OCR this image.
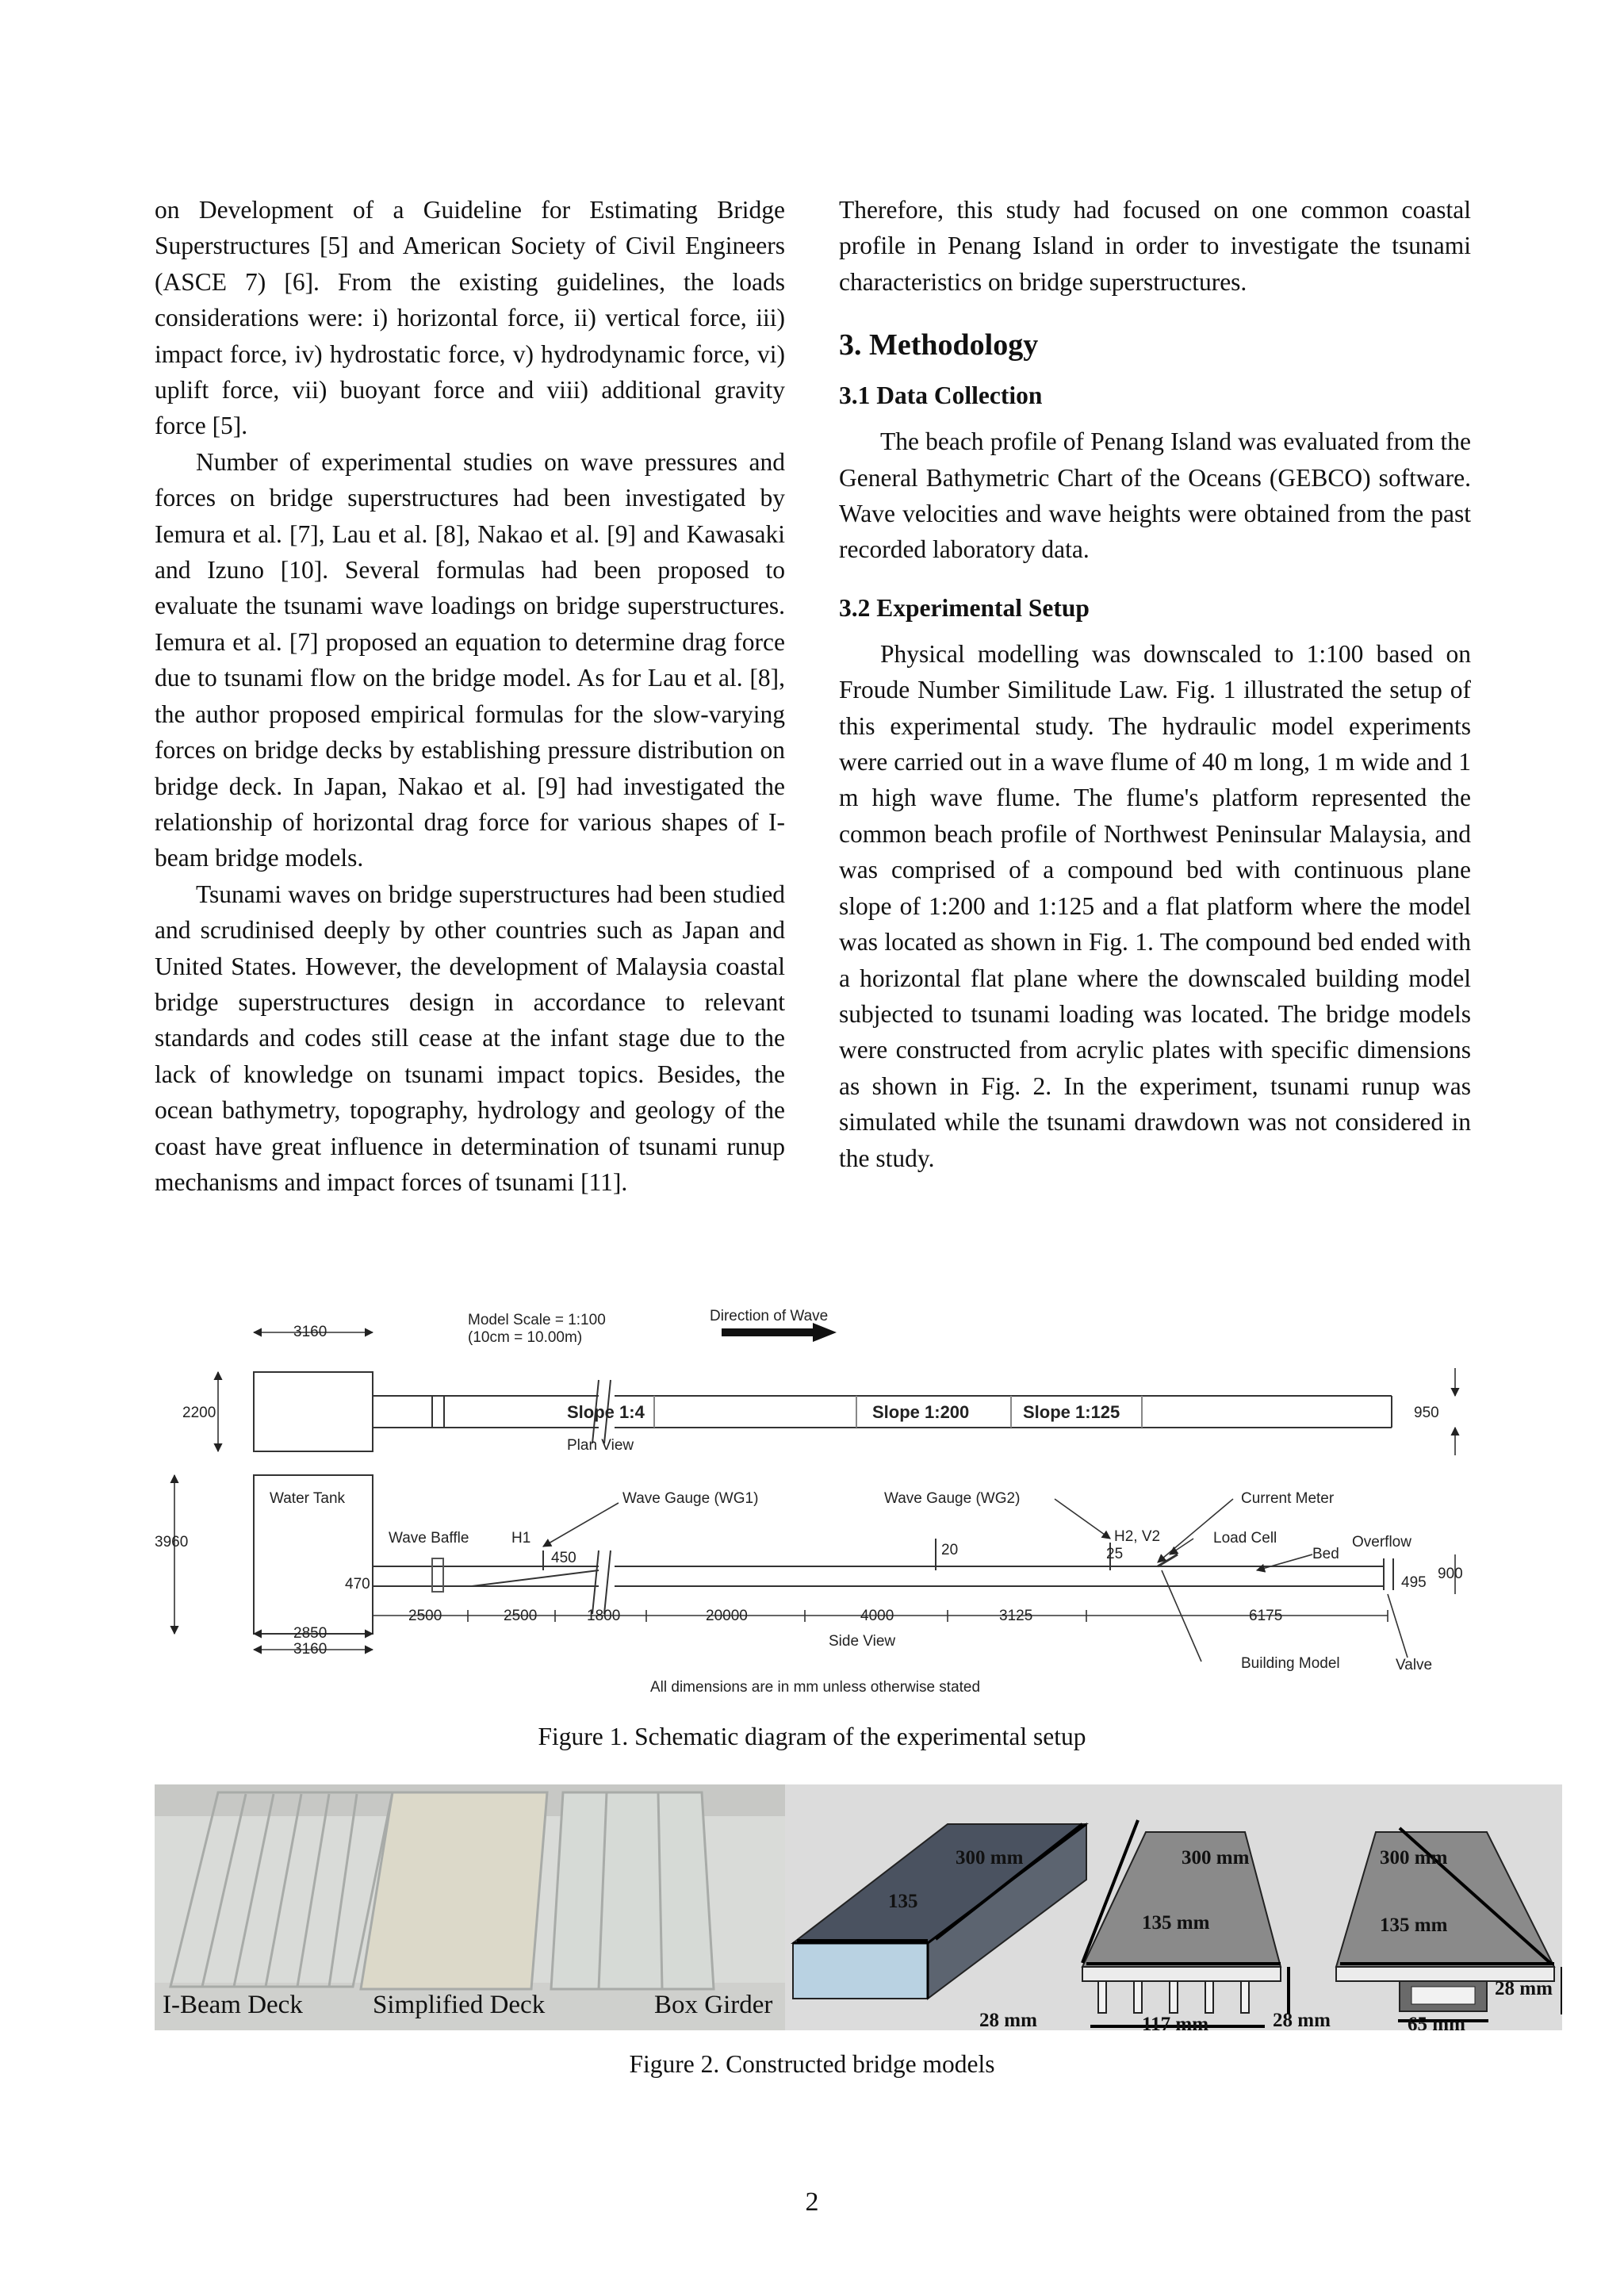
on Development of a Guideline for Estimating Bridge Superstructures [5] and American Society of Civil Engineers (ASCE 7) [6]. From the existing guidelines, the loads considerations were: i) horizontal force, ii) vertical force, iii) impact force, iv) hydrostatic force, v) hydrodynamic force, vi) uplift force, vii) buoyant force and viii) additional gravity force [5].

Number of experimental studies on wave pressures and forces on bridge superstructures had been investigated by Iemura et al. [7], Lau et al. [8], Nakao et al. [9] and Kawasaki and Izuno [10]. Several formulas had been proposed to evaluate the tsunami wave loadings on bridge superstructures. Iemura et al. [7] proposed an equation to determine drag force due to tsunami flow on the bridge model. As for Lau et al. [8], the author proposed empirical formulas for the slow-varying forces on bridge decks by establishing pressure distribution on bridge deck. In Japan, Nakao et al. [9] had investigated the relationship of horizontal drag force for various shapes of I-beam bridge models.

Tsunami waves on bridge superstructures had been studied and scrudinised deeply by other countries such as Japan and United States. However, the development of Malaysia coastal bridge superstructures design in accordance to relevant standards and codes still cease at the infant stage due to the lack of knowledge on tsunami impact topics. Besides, the ocean bathymetry, topography, hydrology and geology of the coast have great influence in determination of tsunami runup mechanisms and impact forces of tsunami [11].

Therefore, this study had focused on one common coastal profile in Penang Island in order to investigate the tsunami characteristics on bridge superstructures.

3. Methodology
3.1 Data Collection

The beach profile of Penang Island was evaluated from the General Bathymetric Chart of the Oceans (GEBCO) software. Wave velocities and wave heights were obtained from the past recorded laboratory data.

3.2 Experimental Setup

Physical modelling was downscaled to 1:100 based on Froude Number Similitude Law. Fig. 1 illustrated the setup of this experimental study. The hydraulic model experiments were carried out in a wave flume of 40 m long, 1 m wide and 1 m high wave flume. The flume's platform represented the common beach profile of Northwest Peninsular Malaysia, and was comprised of a compound bed with continuous plane slope of 1:200 and 1:125 and a flat platform where the model was located as shown in Fig. 1. The compound bed ended with a horizontal flat plane where the downscaled building model subjected to tsunami loading was located. The bridge models were constructed from acrylic plates with specific dimensions as shown in Fig. 2. In the experiment, tsunami runup was simulated while the tsunami drawdown was not considered in the study.

3160
Model Scale = 1:100
(10cm = 10.00m)
Direction of Wave
2200	950
Plan View
3960
Water Tank
Wave Baffle	H1
Wave Gauge (WG1)	Wave Gauge (WG2)	Current Meter
H2, V2	Load Cell
Bed
Overflow
470
450	20	25
495
900
2850
3160
2500	2500	1800	20000	4000	3125	6175
Side View
Building Model	Valve
All dimensions are in mm unless otherwise stated
Slope 1:4	Slope 1:200	Slope 1:125
Figure 1. Schematic diagram of the experimental setup
I-Beam Deck	Simplified Deck	Box Girder
300 mm
135
28 mm
300 mm
135 mm
117 mm	28 mm
300 mm
135 mm
65 mm
28 mm
Figure 2. Constructed bridge models
2
